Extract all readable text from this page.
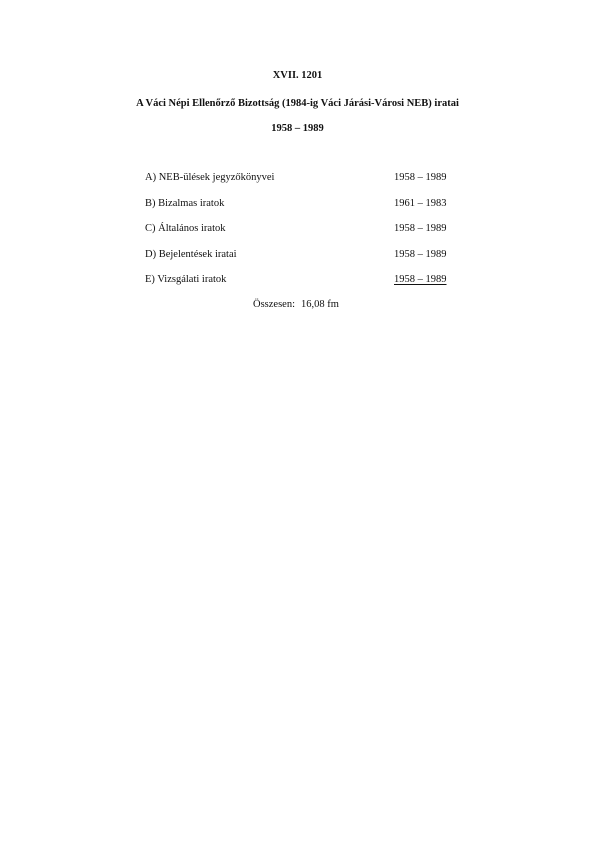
XVII. 1201
A Váci Népi Ellenőrző Bizottság (1984-ig Váci Járási-Városi NEB) iratai
1958 – 1989
A) NEB-ülések jegyzőkönyvei	1958 – 1989
B) Bizalmas iratok	1961 – 1983
C) Általános iratok	1958 – 1989
D) Bejelentések iratai	1958 – 1989
E) Vizsgálati iratok	1958 – 1989
Összesen: 16,08 fm
